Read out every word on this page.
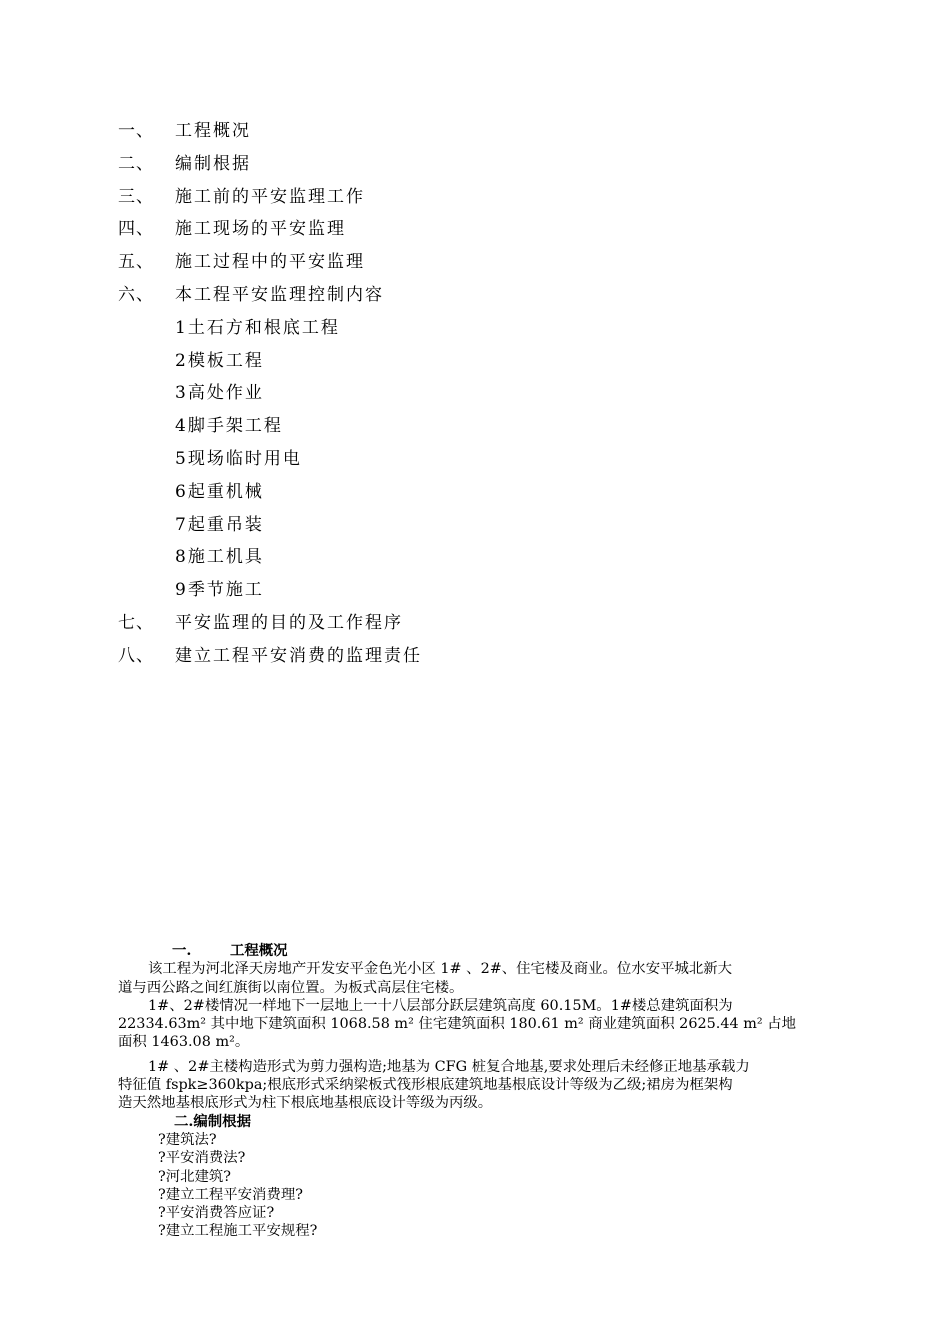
一、 工程概况
二、 编制根据
三、 施工前的平安监理工作
四、 施工现场的平安监理
五、 施工过程中的平安监理
六、 本工程平安监理控制内容
1土石方和根底工程
2模板工程
3高处作业
4脚手架工程
5现场临时用电
6起重机械
7起重吊装
8施工机具
9季节施工
七、 平安监理的目的及工作程序
八、 建立工程平安消费的监理责任
一.	工程概况
该工程为河北泽天房地产开发安平金色光小区 1# 、2#、住宅楼及商业。位水安平城北新大
道与西公路之间红旗街以南位置。为板式高层住宅楼。
1#、2#楼情况一样地下一层地上一十八层部分跃层建筑高度 60.15M。1#楼总建筑面积为
22334.63m² 其中地下建筑面积 1068.58 m² 住宅建筑面积 180.61 m² 商业建筑面积 2625.44 m² 占地
面积 1463.08 m²。
1# 、2#主楼构造形式为剪力强构造;地基为 CFG 桩复合地基,要求处理后未经修正地基承载力
特征值 fspk≥360kpa;根底形式采纳梁板式筏形根底建筑地基根底设计等级为乙级;裙房为框架构
造天然地基根底形式为柱下根底地基根底设计等级为丙级。
二.编制根据
?建筑法?
?平安消费法?
?河北建筑?
?建立工程平安消费理?
?平安消费答应证?
?建立工程施工平安规程?
